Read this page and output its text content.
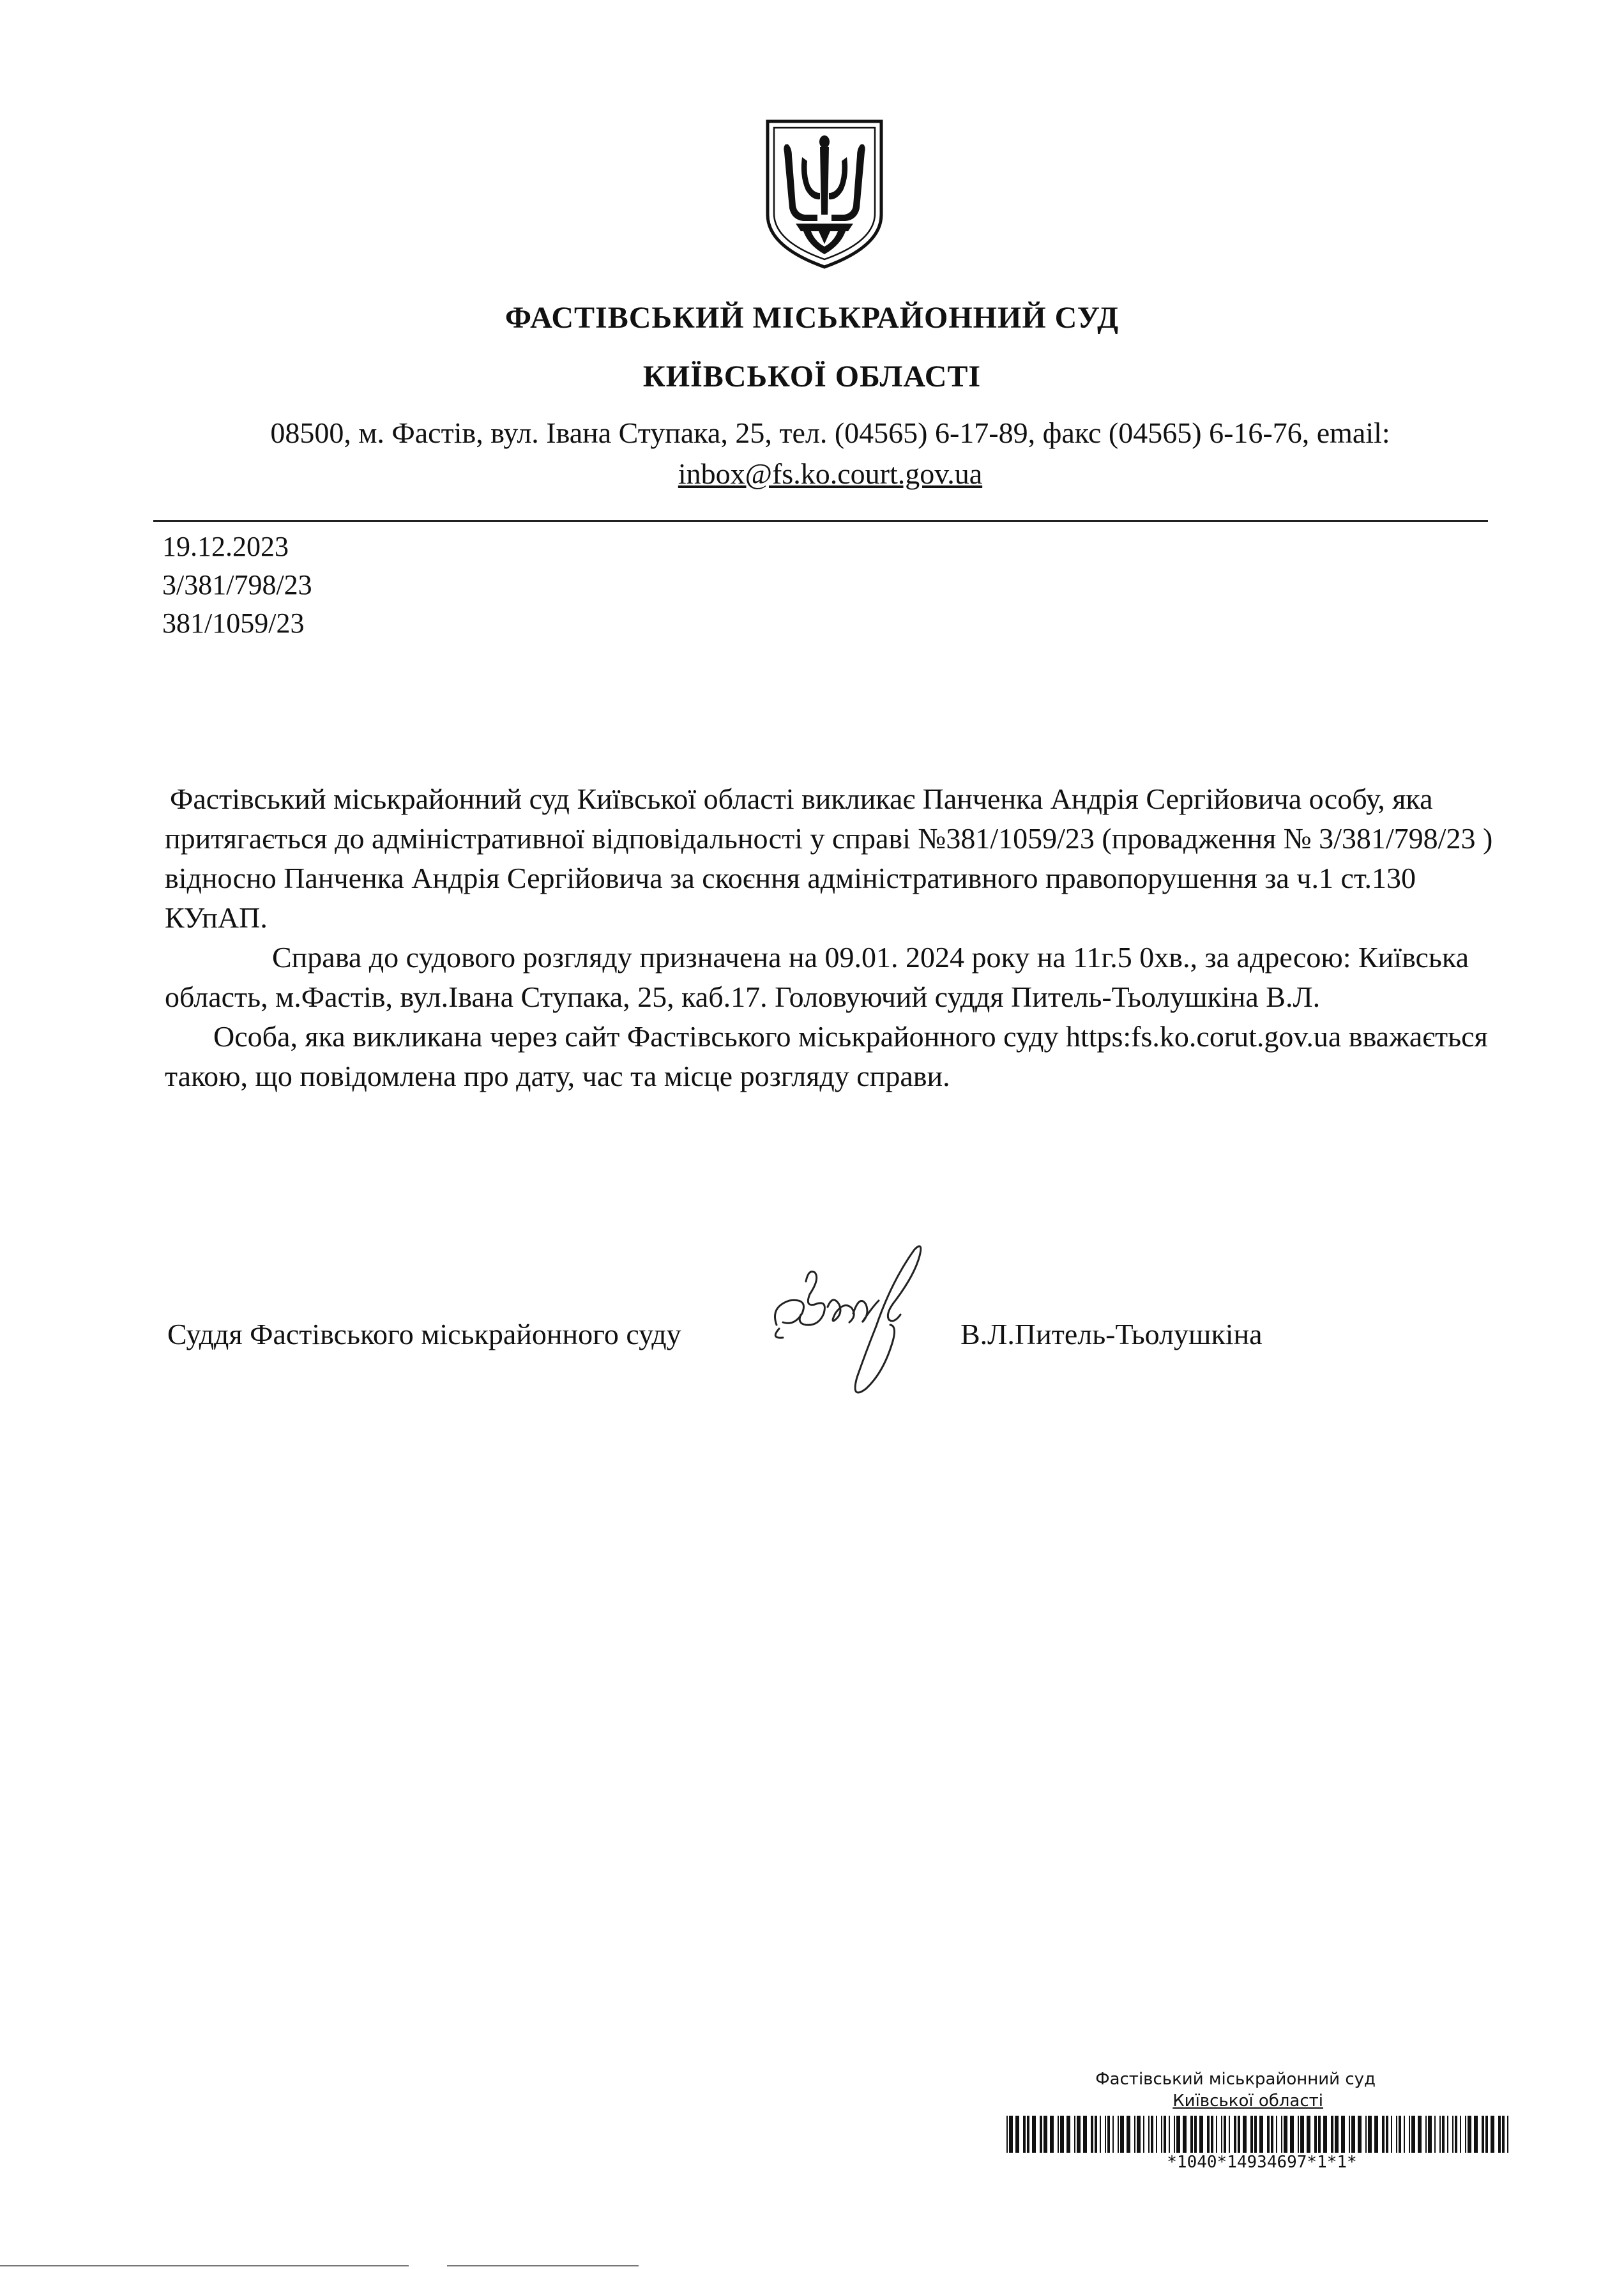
ФАСТІВСЬКИЙ МІСЬКРАЙОННИЙ СУД
КИЇВСЬКОЇ ОБЛАСТІ
08500, м. Фастів, вул. Івана Ступака, 25, тел. (04565) 6-17-89, факс (04565) 6-16-76, email:
inbox@fs.ko.court.gov.ua
19.12.2023
3/381/798/23
381/1059/23

Фастівський міськрайонний суд Київської області викликає Панченка Андрія Сергійовича особу, яка притягається до адміністративної відповідальності у справі №381/1059/23 (провадження № 3/381/798/23 ) відносно Панченка Андрія Сергійовича за скоєння адміністративного правопорушення за ч.1 ст.130 КУпАП.

Справа до судового розгляду призначена на 09.01. 2024 року на 11г.5 0хв., за адресою: Київська область, м.Фастів, вул.Івана Ступака, 25, каб.17. Головуючий суддя Питель-Тьолушкіна В.Л.

Особа, яка викликана через сайт Фастівського міськрайонного суду https:fs.ko.corut.gov.ua вважається такою, що повідомлена про дату, час та місце розгляду справи.

Суддя Фастівського міськрайонного суду	В.Л.Питель-Тьолушкіна
Фастівський міськрайонний суд
Київської області
*1040*14934697*1*1*
